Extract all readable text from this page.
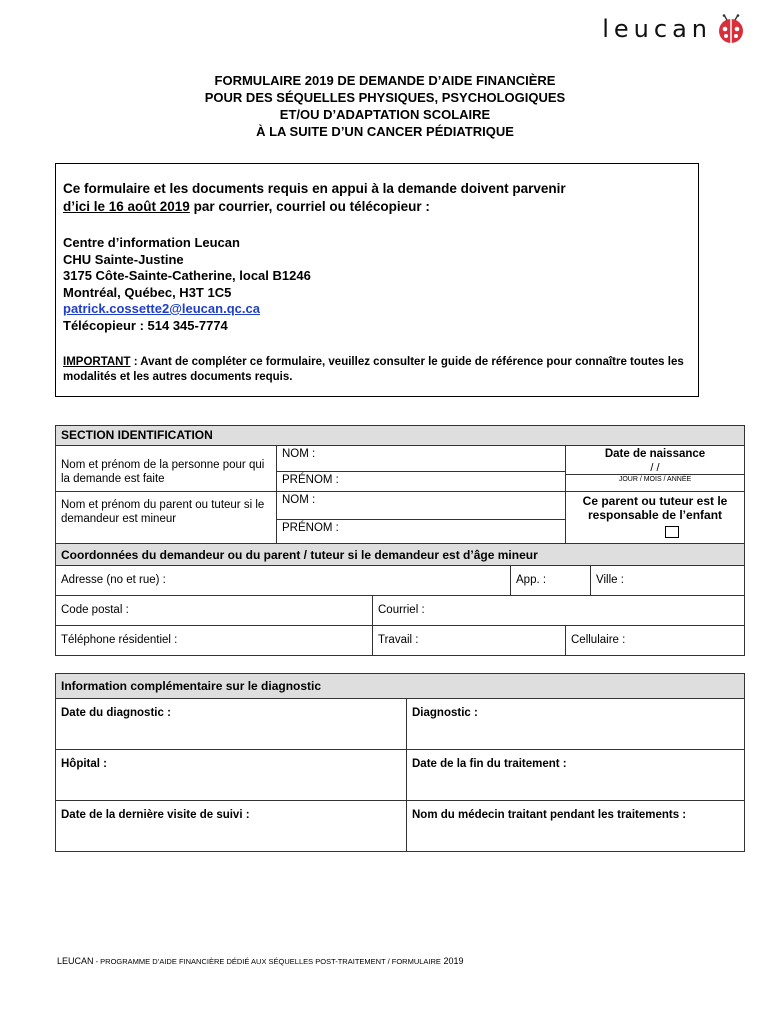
leucan
FORMULAIRE 2019 DE DEMANDE D’AIDE FINANCIÈRE
POUR DES SÉQUELLES PHYSIQUES, PSYCHOLOGIQUES
ET/OU D’ADAPTATION SCOLAIRE
À LA SUITE D’UN CANCER PÉDIATRIQUE
Ce formulaire et les documents requis en appui à la demande doivent parvenir
d’ici le 16 août 2019 par courrier, courriel ou télécopieur :
Centre d’information Leucan
CHU Sainte-Justine
3175 Côte-Sainte-Catherine, local B1246
Montréal, Québec, H3T 1C5
patrick.cossette2@leucan.qc.ca
Télécopieur : 514 345-7774
IMPORTANT : Avant de compléter ce formulaire, veuillez consulter le guide de référence pour connaître toutes les modalités et les autres documents requis.
SECTION IDENTIFICATION					
Nom et prénom de la personne pour qui la demande est faite	NOM :			Date de naissance	
	PRÉNOM :			/ /
JOUR / MOIS / ANNÉE	

Nom et prénom du parent ou tuteur si le demandeur est mineur	NOM :			Ce parent ou tuteur est le responsable de l’enfant	

	PRÉNOM :				
Coordonnées du demandeur ou du parent / tuteur si le demandeur est d’âge mineur					
Adresse (no et rue) :			App. :		Ville :
Code postal :		Courriel :			
Téléphone résidentiel :		Travail :		Cellulaire :	
Information complémentaire sur le diagnostic	
Date du diagnostic :	Diagnostic :
Hôpital :	Date de la fin du traitement :
Date de la dernière visite de suivi :	Nom du médecin traitant pendant les traitements :
LEUCAN - PROGRAMME D’AIDE FINANCIÈRE DÉDIÉ AUX SÉQUELLES POST-TRAITEMENT / FORMULAIRE 2019
